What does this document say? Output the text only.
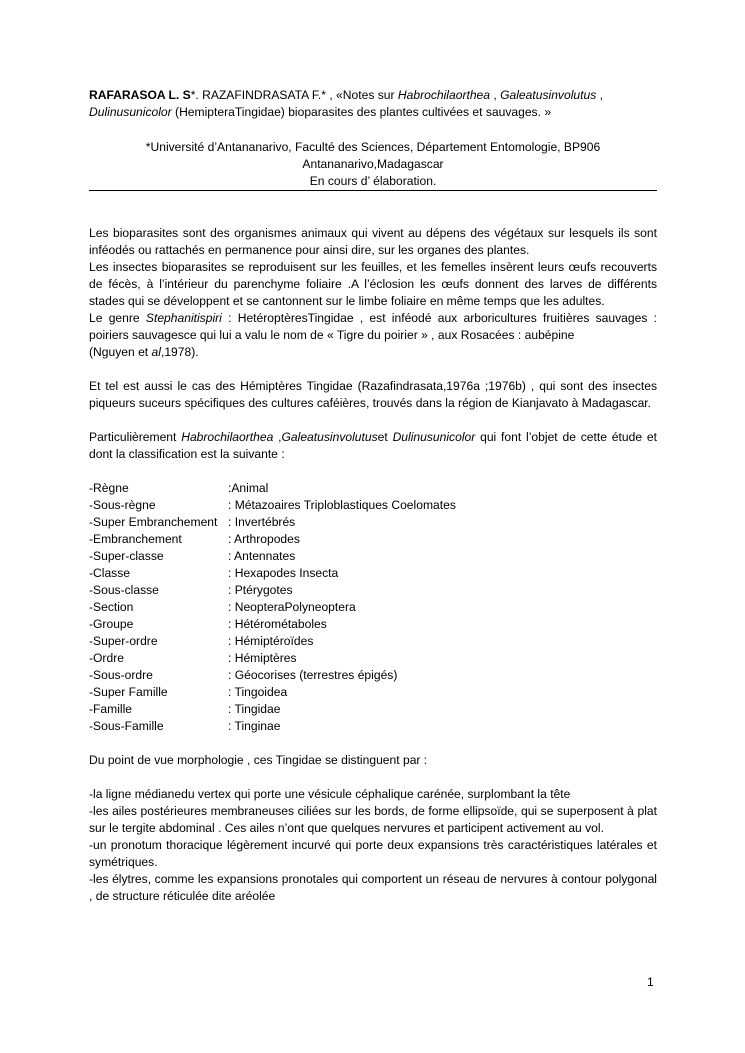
RAFARASOA L. S*. RAZAFINDRASATA F.* , «Notes sur Habrochilaorthea , Galeatusinvolutus ,
Dulinusunicolor (HemipteraTingidae) bioparasites des plantes cultivées et sauvages. »

*Université d’Antananarivo, Faculté des Sciences, Département Entomologie, BP906

Antananarivo,Madagascar

En cours d’ élaboration.

Les bioparasites sont des organismes animaux qui vivent au dépens des végétaux sur lesquels ils sont inféodés ou rattachés en permanence pour ainsi dire, sur les organes des plantes.

Les insectes bioparasites se reproduisent sur les feuilles, et les femelles insèrent leurs œufs recouverts de fécès, à l’intérieur du parenchyme foliaire .A l’éclosion les œufs donnent des larves de différents stades qui se développent et se cantonnent sur le limbe foliaire en même temps que les adultes.

Le genre Stephanitispiri : HetéroptèresTingidae , est inféodé aux arboricultures fruitières sauvages : poiriers sauvagesce qui lui a valu le nom de « Tigre du poirier » , aux Rosacées : aubépine
(Nguyen et al,1978).

Et tel est aussi le cas des Hémiptères Tingidae (Razafindrasata,1976a ;1976b) , qui sont des insectes piqueurs suceurs spécifiques des cultures caféières, trouvés dans la région de Kianjavato à Madagascar.

Particulièrement Habrochilaorthea ,Galeatusinvolutuset Dulinusunicolor qui font l’objet de cette étude et dont la classification est la suivante :

-Règne	:Animal
-Sous-règne	: Métazoaires Triploblastiques Coelomates
-Super Embranchement : Invertébrés
-Embranchement	: Arthropodes
-Super-classe	: Antennates
-Classe	: Hexapodes Insecta
-Sous-classe	: Ptérygotes
-Section	: NeopteraPolyneoptera
-Groupe	: Hétérométaboles
-Super-ordre	: Hémiptéroïdes
-Ordre	: Hémiptères
-Sous-ordre	: Géocorises (terrestres épigés)
-Super Famille	: Tingoidea
-Famille	: Tingidae
-Sous-Famille	: Tinginae

Du point de vue morphologie , ces Tingidae se distinguent par :

-la ligne médianedu vertex qui porte une vésicule céphalique carénée, surplombant la tête

-les ailes postérieures membraneuses ciliées sur les bords, de forme ellipsoïde, qui se superposent à plat sur le tergite abdominal . Ces ailes n’ont que quelques nervures et participent activement au vol.

-un pronotum thoracique légèrement incurvé qui porte deux expansions très caractéristiques latérales et symétriques.

-les élytres, comme les expansions pronotales qui comportent un réseau de nervures à contour polygonal , de structure réticulée dite aréolée

1
